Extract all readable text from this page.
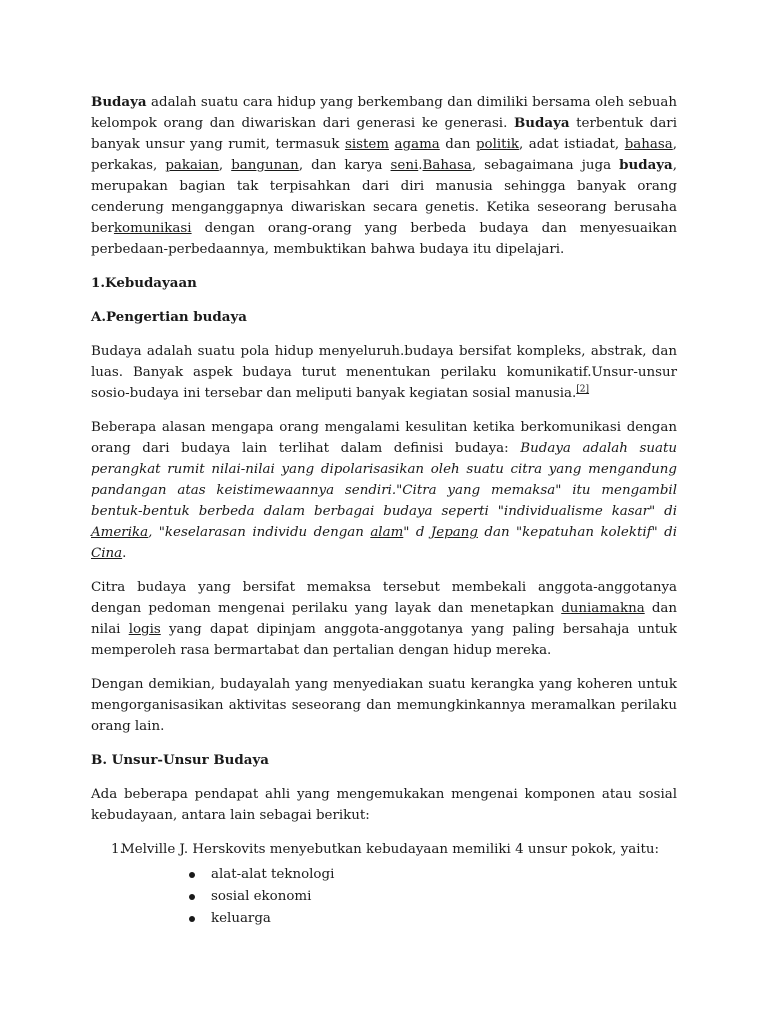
Budaya adalah suatu cara hidup yang berkembang dan dimiliki bersama oleh sebuah kelompok orang dan diwariskan dari generasi ke generasi. Budaya terbentuk dari banyak unsur yang rumit, termasuk sistem agama dan politik, adat istiadat, bahasa, perkakas, pakaian, bangunan, dan karya seni.Bahasa, sebagaimana juga budaya, merupakan bagian tak terpisahkan dari diri manusia sehingga banyak orang cenderung menganggapnya diwariskan secara genetis. Ketika seseorang berusaha berkomunikasi dengan orang-orang yang berbeda budaya dan menyesuaikan perbedaan-perbedaannya, membuktikan bahwa budaya itu dipelajari.

1.Kebudayaan
A.Pengertian budaya

Budaya adalah suatu pola hidup menyeluruh.budaya bersifat kompleks, abstrak, dan luas. Banyak aspek budaya turut menentukan perilaku komunikatif.Unsur-unsur sosio-budaya ini tersebar dan meliputi banyak kegiatan sosial manusia.[2]

Beberapa alasan mengapa orang mengalami kesulitan ketika berkomunikasi dengan orang dari budaya lain terlihat dalam definisi budaya: Budaya adalah suatu perangkat rumit nilai-nilai yang dipolarisasikan oleh suatu citra yang mengandung pandangan atas keistimewaannya sendiri."Citra yang memaksa" itu mengambil bentuk-bentuk berbeda dalam berbagai budaya seperti "individualisme kasar" di Amerika, "keselarasan individu dengan alam" d Jepang dan "kepatuhan kolektif" di Cina.

Citra budaya yang bersifat memaksa tersebut membekali anggota-anggotanya dengan pedoman mengenai perilaku yang layak dan menetapkan duniamakna dan nilai logis yang dapat dipinjam anggota-anggotanya yang paling bersahaja untuk memperoleh rasa bermartabat dan pertalian dengan hidup mereka.

Dengan demikian, budayalah yang menyediakan suatu kerangka yang koheren untuk mengorganisasikan aktivitas seseorang dan memungkinkannya meramalkan perilaku orang lain.

B. Unsur-Unsur Budaya

Ada beberapa pendapat ahli yang mengemukakan mengenai komponen atau sosial kebudayaan, antara lain sebagai berikut:

1.
Melville J. Herskovits menyebutkan kebudayaan memiliki 4 unsur pokok, yaitu:
alat-alat teknologi
sosial ekonomi
keluarga
